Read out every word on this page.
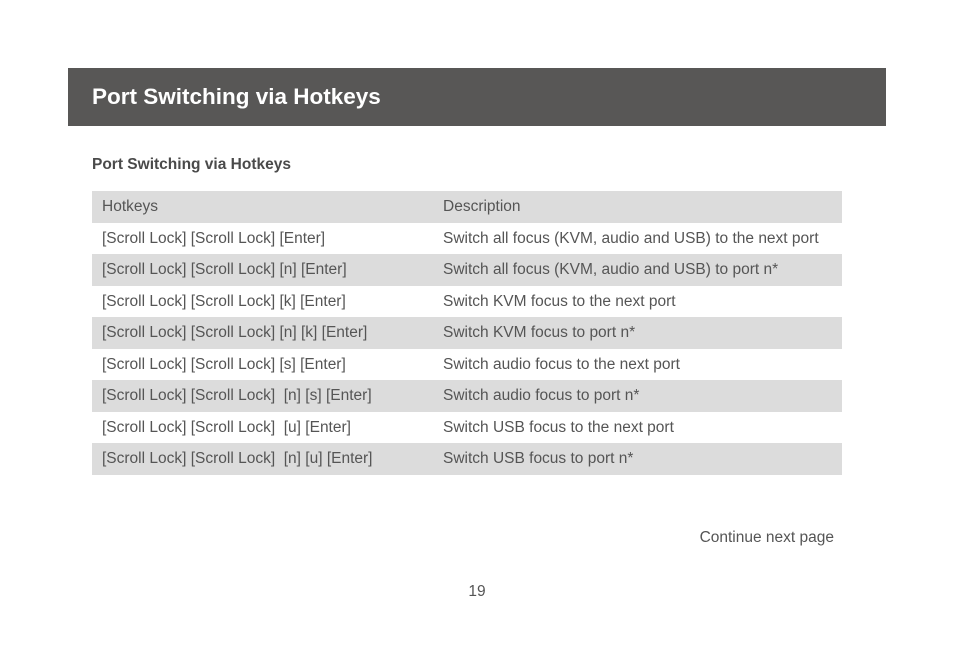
Port Switching via Hotkeys
Port Switching via Hotkeys
Hotkeys	Description
[Scroll Lock] [Scroll Lock] [Enter]	Switch all focus (KVM, audio and USB) to the next port
[Scroll Lock] [Scroll Lock] [n] [Enter]	Switch all focus (KVM, audio and USB) to port n*
[Scroll Lock] [Scroll Lock] [k] [Enter]	Switch KVM focus to the next port
[Scroll Lock] [Scroll Lock] [n] [k] [Enter]	Switch KVM focus to port n*
[Scroll Lock] [Scroll Lock] [s] [Enter]	Switch audio focus to the next port
[Scroll Lock] [Scroll Lock]  [n] [s] [Enter]	Switch audio focus to port n*
[Scroll Lock] [Scroll Lock]  [u] [Enter]	Switch USB focus to the next port
[Scroll Lock] [Scroll Lock]  [n] [u] [Enter]	Switch USB focus to port n*

Continue next page

19
